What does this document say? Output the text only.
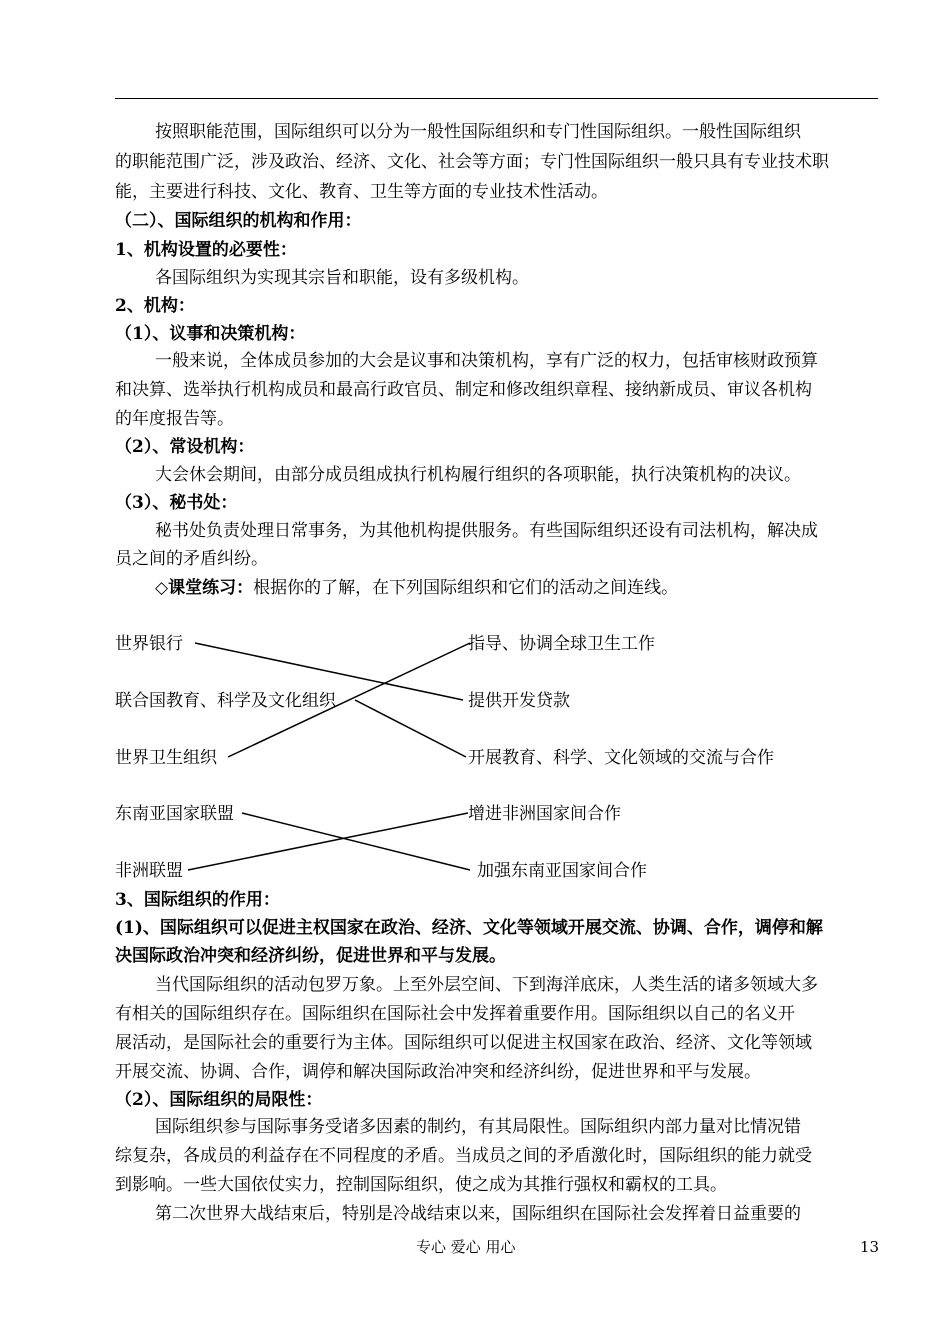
按照职能范围，国际组织可以分为一般性国际组织和专门性国际组织。一般性国际组织
的职能范围广泛，涉及政治、经济、文化、社会等方面；专门性国际组织一般只具有专业技术职
能，主要进行科技、文化、教育、卫生等方面的专业技术性活动。
（二）、国际组织的机构和作用：
1、机构设置的必要性：
各国际组织为实现其宗旨和职能，设有多级机构。
2、机构：
（1）、议事和决策机构：
一般来说，全体成员参加的大会是议事和决策机构，享有广泛的权力，包括审核财政预算
和决算、选举执行机构成员和最高行政官员、制定和修改组织章程、接纳新成员、审议各机构
的年度报告等。
（2）、常设机构：
大会休会期间，由部分成员组成执行机构履行组织的各项职能，执行决策机构的决议。
（3）、秘书处：
秘书处负责处理日常事务，为其他机构提供服务。有些国际组织还设有司法机构，解决成
员之间的矛盾纠纷。
◇课堂练习：根据你的了解，在下列国际组织和它们的活动之间连线。
世界银行
联合国教育、科学及文化组织
世界卫生组织
东南亚国家联盟
非洲联盟
指导、协调全球卫生工作
提供开发贷款
开展教育、科学、文化领域的交流与合作
增进非洲国家间合作
加强东南亚国家间合作
3、国际组织的作用：
(1)、国际组织可以促进主权国家在政治、经济、文化等领域开展交流、协调、合作，调停和解
决国际政治冲突和经济纠纷，促进世界和平与发展。
当代国际组织的活动包罗万象。上至外层空间、下到海洋底床，人类生活的诸多领域大多
有相关的国际组织存在。国际组织在国际社会中发挥着重要作用。国际组织以自己的名义开
展活动，是国际社会的重要行为主体。国际组织可以促进主权国家在政治、经济、文化等领域
开展交流、协调、合作，调停和解决国际政治冲突和经济纠纷，促进世界和平与发展。
（2）、国际组织的局限性：
国际组织参与国际事务受诸多因素的制约，有其局限性。国际组织内部力量对比情况错
综复杂，各成员的利益存在不同程度的矛盾。当成员之间的矛盾激化时，国际组织的能力就受
到影响。一些大国依仗实力，控制国际组织，使之成为其推行强权和霸权的工具。
第二次世界大战结束后，特别是冷战结束以来，国际组织在国际社会发挥着日益重要的
专心 爱心 用心	13
